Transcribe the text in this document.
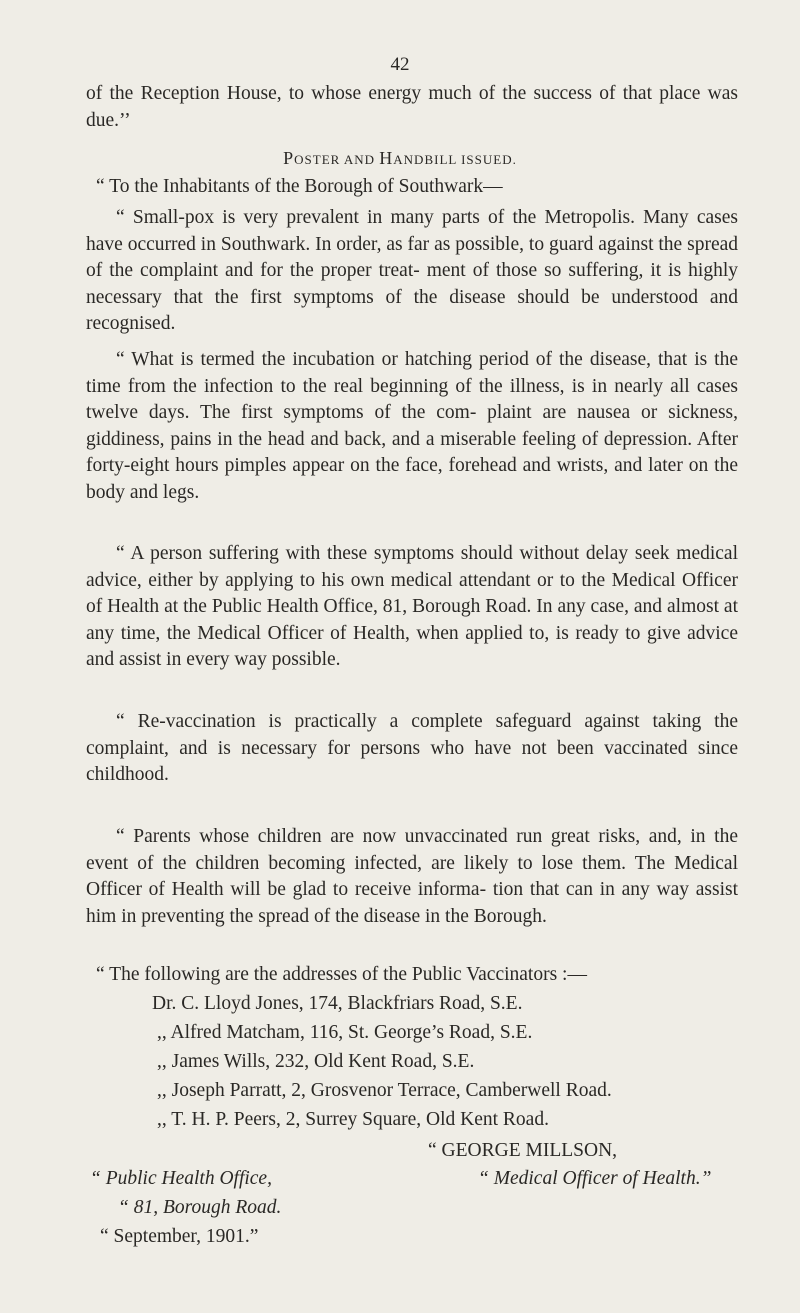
42
of the Reception House, to whose energy much of the success of that place was due.’’
POSTER AND HANDBILL ISSUED.
“ To the Inhabitants of the Borough of Southwark—
“ Small-pox is very prevalent in many parts of the Metropolis. Many cases have occurred in Southwark. In order, as far as possible, to guard against the spread of the complaint and for the proper treat- ment of those so suffering, it is highly necessary that the first symptoms of the disease should be understood and recognised.
“ What is termed the incubation or hatching period of the disease, that is the time from the infection to the real beginning of the illness, is in nearly all cases twelve days. The first symptoms of the com- plaint are nausea or sickness, giddiness, pains in the head and back, and a miserable feeling of depression. After forty-eight hours pimples appear on the face, forehead and wrists, and later on the body and legs.
“ A person suffering with these symptoms should without delay seek medical advice, either by applying to his own medical attendant or to the Medical Officer of Health at the Public Health Office, 81, Borough Road. In any case, and almost at any time, the Medical Officer of Health, when applied to, is ready to give advice and assist in every way possible.
“ Re-vaccination is practically a complete safeguard against taking the complaint, and is necessary for persons who have not been vaccinated since childhood.
“ Parents whose children are now unvaccinated run great risks, and, in the event of the children becoming infected, are likely to lose them. The Medical Officer of Health will be glad to receive informa- tion that can in any way assist him in preventing the spread of the disease in the Borough.
“ The following are the addresses of the Public Vaccinators :—
Dr. C. Lloyd Jones, 174, Blackfriars Road, S.E.
,, Alfred Matcham, 116, St. George’s Road, S.E.
,, James Wills, 232, Old Kent Road, S.E.
,, Joseph Parratt, 2, Grosvenor Terrace, Camberwell Road.
,, T. H. P. Peers, 2, Surrey Square, Old Kent Road.
“ GEORGE MILLSON,
“ Public Health Office,	“ Medical Officer of Health.”
“ 81, Borough Road.
“ September, 1901.”
